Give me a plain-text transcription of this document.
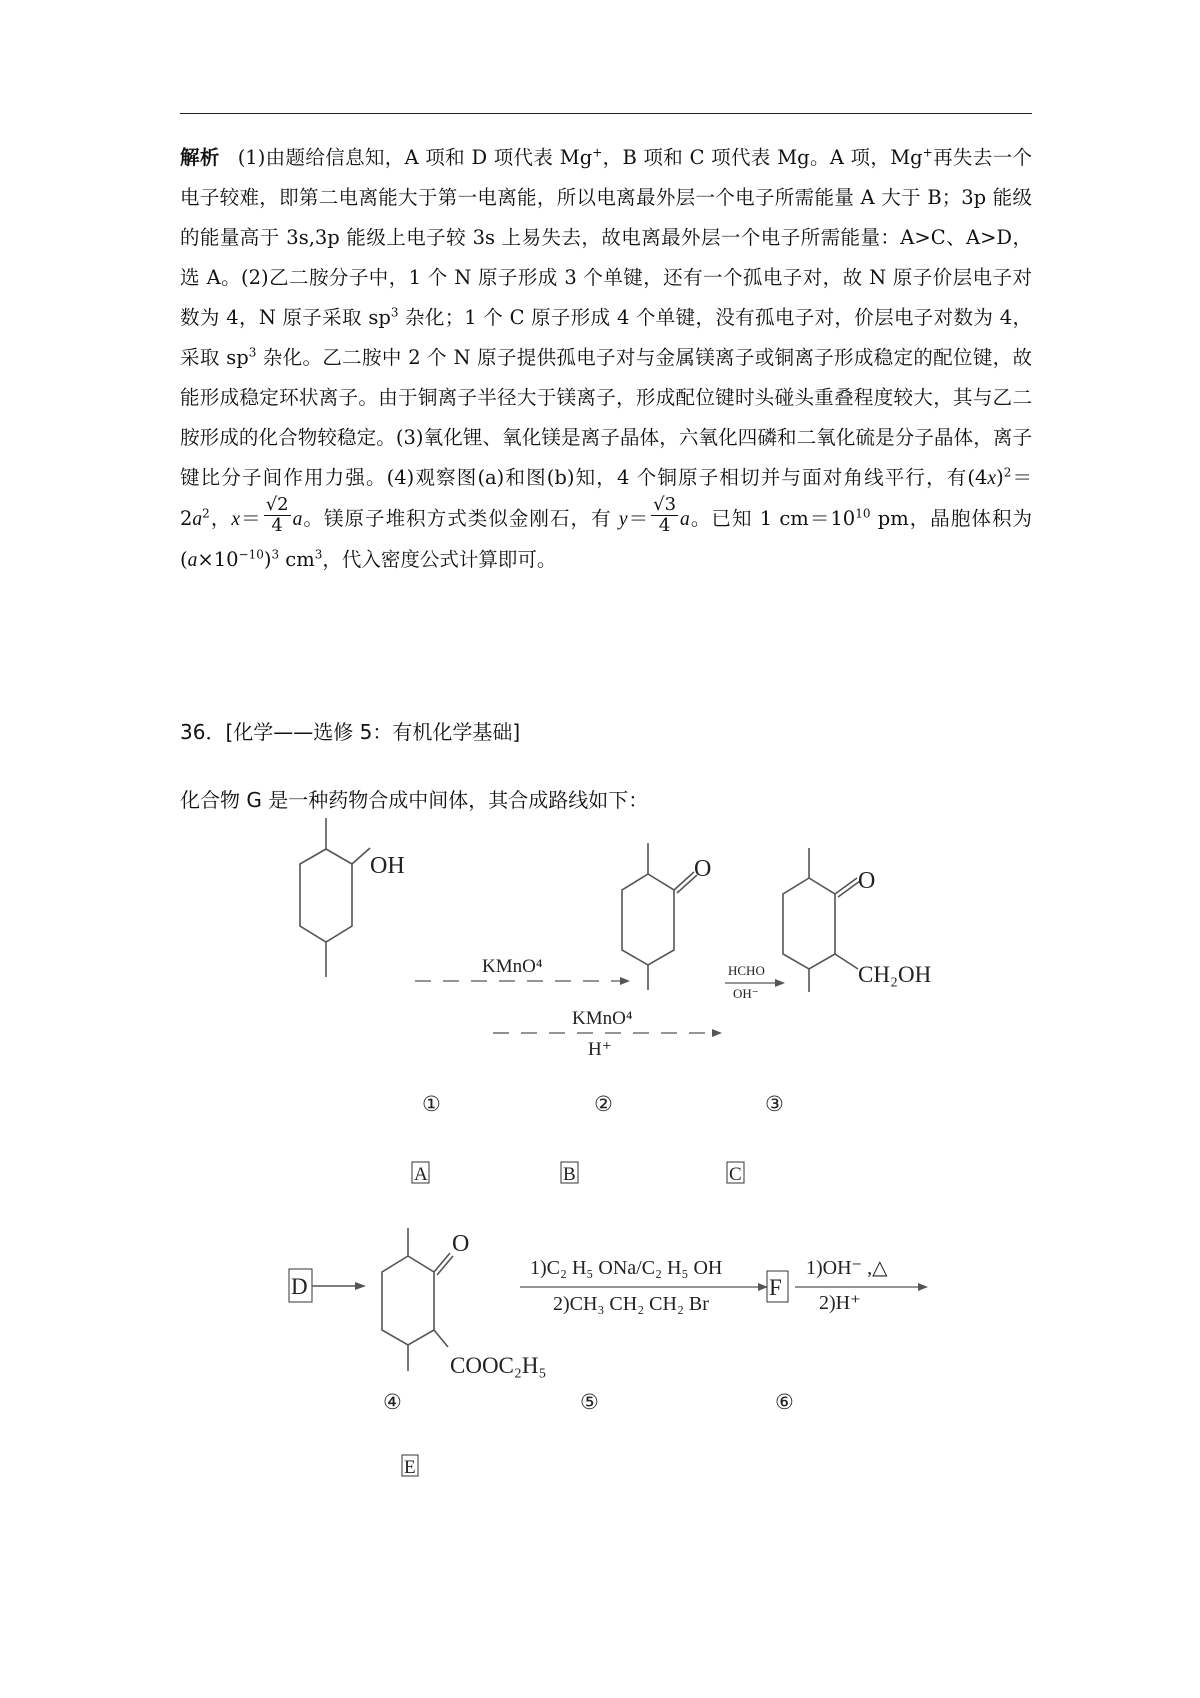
解析 (1)由题给信息知，A 项和 D 项代表 Mg+，B 项和 C 项代表 Mg。A 项，Mg+再失去一个电子较难，即第二电离能大于第一电离能，所以电离最外层一个电子所需能量 A 大于 B；3p 能级的能量高于 3s,3p 能级上电子较 3s 上易失去，故电离最外层一个电子所需能量：A>C、A>D，选 A。(2)乙二胺分子中，1 个 N 原子形成 3 个单键，还有一个孤电子对，故 N 原子价层电子对数为 4，N 原子采取 $sp^3$ 杂化；1 个 C 原子形成 4 个单键，没有孤电子对，价层电子对数为 4，采取 $sp^3$ 杂化。乙二胺中 2 个 N 原子提供孤电子对与金属镁离子或铜离子形成稳定的配位键，故能形成稳定环状离子。由于铜离子半径大于镁离子，形成配位键时头碰头重叠程度较大，其与乙二胺形成的化合物较稳定。(3)氧化锂、氧化镁是离子晶体，六氧化四磷和二氧化硫是分子晶体，离子键比分子间作用力强。(4)观察图(a)和图(b)知，4 个铜原子相切并与面对角线平行，有$(4x)^2=2a^2$，$x= \frac{√2}{4}$ a。镁原子堆积方式类似金刚石，有 $y= \frac{√3}{4}$ a。已知 1 $cm=10^{10}$ pm，晶胞体积为$(a\times 10^{-10})^3$ $cm^3$，代入密度公式计算即可。

36．[化学——选修 5：有机化学基础]
化合物 G 是一种药物合成中间体，其合成路线如下：
OH
KMnO⁴
O
HCHO
OH⁻
O
CH₂OH
KMnO⁴
H⁺
①	②	③
A	B	C
D
O
COOC₂H₅
1)C₂ H₅ ONa/C₂ H₅ OH
2)CH₃ CH₂ CH₂ Br
F
1)OH⁻ ,△
2)H⁺
④	⑤	⑥
E
